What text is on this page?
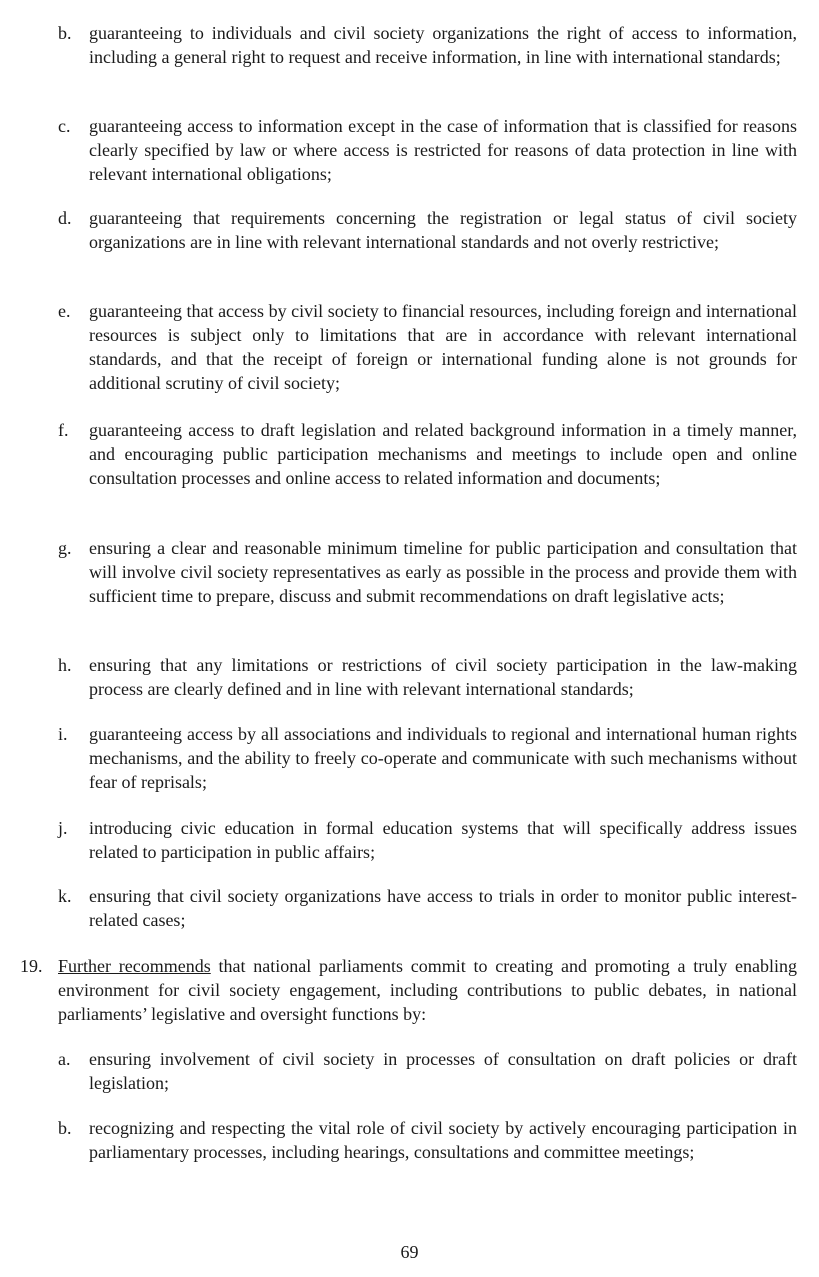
b. guaranteeing to individuals and civil society organizations the right of access to information, including a general right to request and receive information, in line with international standards;
c. guaranteeing access to information except in the case of information that is classified for reasons clearly specified by law or where access is restricted for reasons of data protection in line with relevant international obligations;
d. guaranteeing that requirements concerning the registration or legal status of civil society organizations are in line with relevant international standards and not overly restrictive;
e. guaranteeing that access by civil society to financial resources, including foreign and international resources is subject only to limitations that are in accordance with relevant international standards, and that the receipt of foreign or international funding alone is not grounds for additional scrutiny of civil society;
f. guaranteeing access to draft legislation and related background information in a timely manner, and encouraging public participation mechanisms and meetings to include open and online consultation processes and online access to related information and documents;
g. ensuring a clear and reasonable minimum timeline for public participation and consultation that will involve civil society representatives as early as possible in the process and provide them with sufficient time to prepare, discuss and submit recommendations on draft legislative acts;
h. ensuring that any limitations or restrictions of civil society participation in the law-making process are clearly defined and in line with relevant international standards;
i. guaranteeing access by all associations and individuals to regional and international human rights mechanisms, and the ability to freely co-operate and communicate with such mechanisms without fear of reprisals;
j. introducing civic education in formal education systems that will specifically address issues related to participation in public affairs;
k. ensuring that civil society organizations have access to trials in order to monitor public interest-related cases;
19. Further recommends that national parliaments commit to creating and promoting a truly enabling environment for civil society engagement, including contributions to public debates, in national parliaments’ legislative and oversight functions by:
a. ensuring involvement of civil society in processes of consultation on draft policies or draft legislation;
b. recognizing and respecting the vital role of civil society by actively encouraging participation in parliamentary processes, including hearings, consultations and committee meetings;
69
